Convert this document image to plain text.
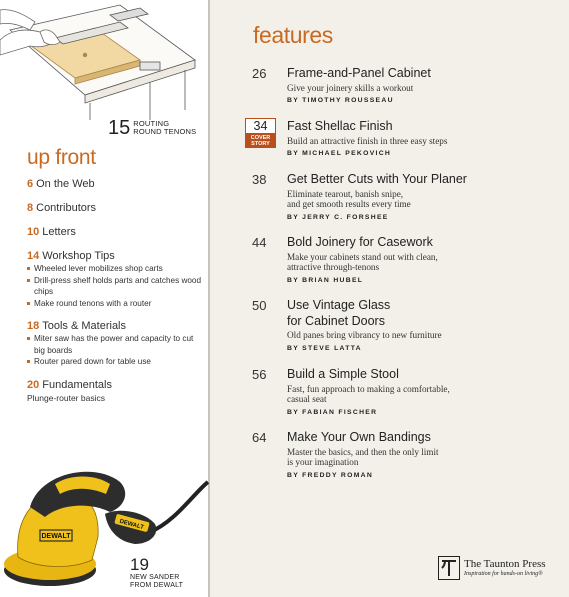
15 ROUTING
ROUND TENONS
up front
6 On the Web
8 Contributors
10 Letters
14 Workshop Tips
Wheeled lever mobilizes shop carts
Drill-press shelf holds parts and catches wood chips
Make round tenons with a router
18 Tools & Materials
Miter saw has the power and capacity to cut big boards
Router pared down for table use
20 Fundamentals
Plunge-router basics
DEWALT
DEWALT
19
NEW SANDER
FROM DEWALT
features
26 Frame-and-Panel Cabinet
Give your joinery skills a workout
BY TIMOTHY ROUSSEAU
34
COVER
STORY
Fast Shellac Finish
Build an attractive finish in three easy steps
BY MICHAEL PEKOVICH
38 Get Better Cuts with Your Planer
Eliminate tearout, banish snipe,
and get smooth results every time
BY JERRY C. FORSHEE
44 Bold Joinery for Casework
Make your cabinets stand out with clean,
attractive through-tenons
BY BRIAN HUBEL
50 Use Vintage Glass
for Cabinet Doors
Old panes bring vibrancy to new furniture
BY STEVE LATTA
56 Build a Simple Stool
Fast, fun approach to making a comfortable,
casual seat
BY FABIAN FISCHER
64 Make Your Own Bandings
Master the basics, and then the only limit
is your imagination
BY FREDDY ROMAN
The Taunton Press
Inspiration for hands-on living®
